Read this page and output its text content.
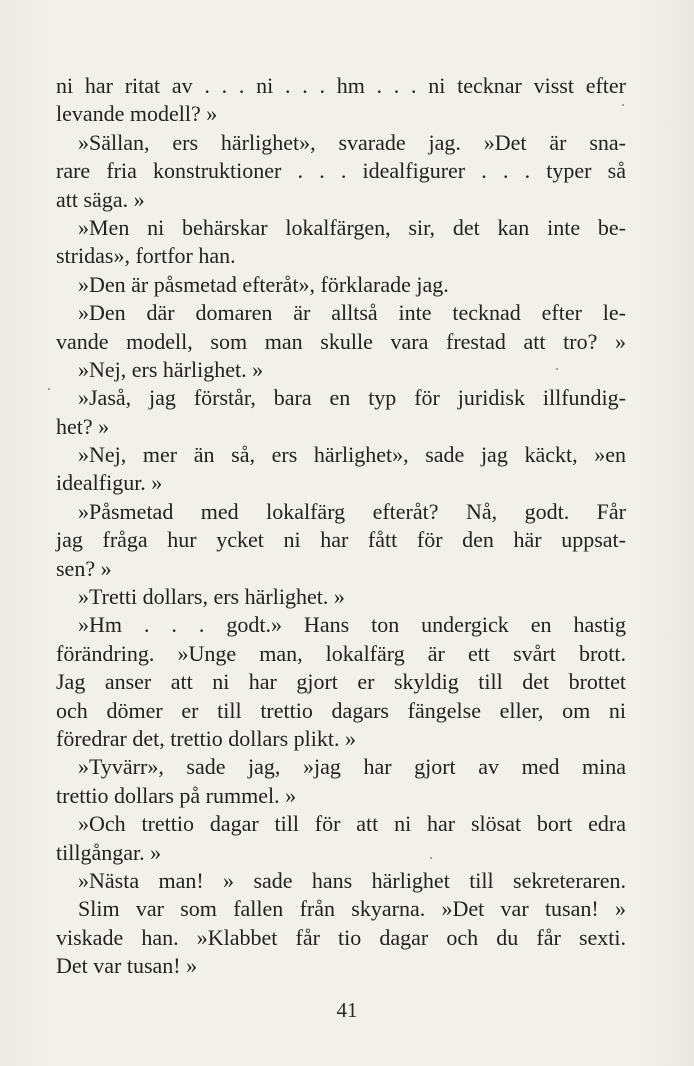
ni har ritat av . . . ni . . . hm . . . ni tecknar visst efter
levande modell? »
»Sällan, ers härlighet», svarade jag. »Det är sna-
rare fria konstruktioner . . . idealfigurer . . . typer så
att säga. »
»Men ni behärskar lokalfärgen, sir, det kan inte be-
stridas», fortfor han.
»Den är påsmetad efteråt», förklarade jag.
»Den där domaren är alltså inte tecknad efter le-
vande modell, som man skulle vara frestad att tro? »
»Nej, ers härlighet. »
»Jaså, jag förstår, bara en typ för juridisk illfundig-
het? »
»Nej, mer än så, ers härlighet», sade jag käckt, »en
idealfigur. »
»Påsmetad med lokalfärg efteråt? Nå, godt. Får
jag fråga hur ycket ni har fått för den här uppsat-
sen? »
»Tretti dollars, ers härlighet. »
»Hm . . . godt.» Hans ton undergick en hastig
förändring. »Unge man, lokalfärg är ett svårt brott.
Jag anser att ni har gjort er skyldig till det brottet
och dömer er till trettio dagars fängelse eller, om ni
föredrar det, trettio dollars plikt. »
»Tyvärr», sade jag, »jag har gjort av med mina
trettio dollars på rummel. »
»Och trettio dagar till för att ni har slösat bort edra
tillgångar. »
»Nästa man! » sade hans härlighet till sekreteraren.
Slim var som fallen från skyarna. »Det var tusan! »
viskade han. »Klabbet får tio dagar och du får sexti.
Det var tusan! »
41
